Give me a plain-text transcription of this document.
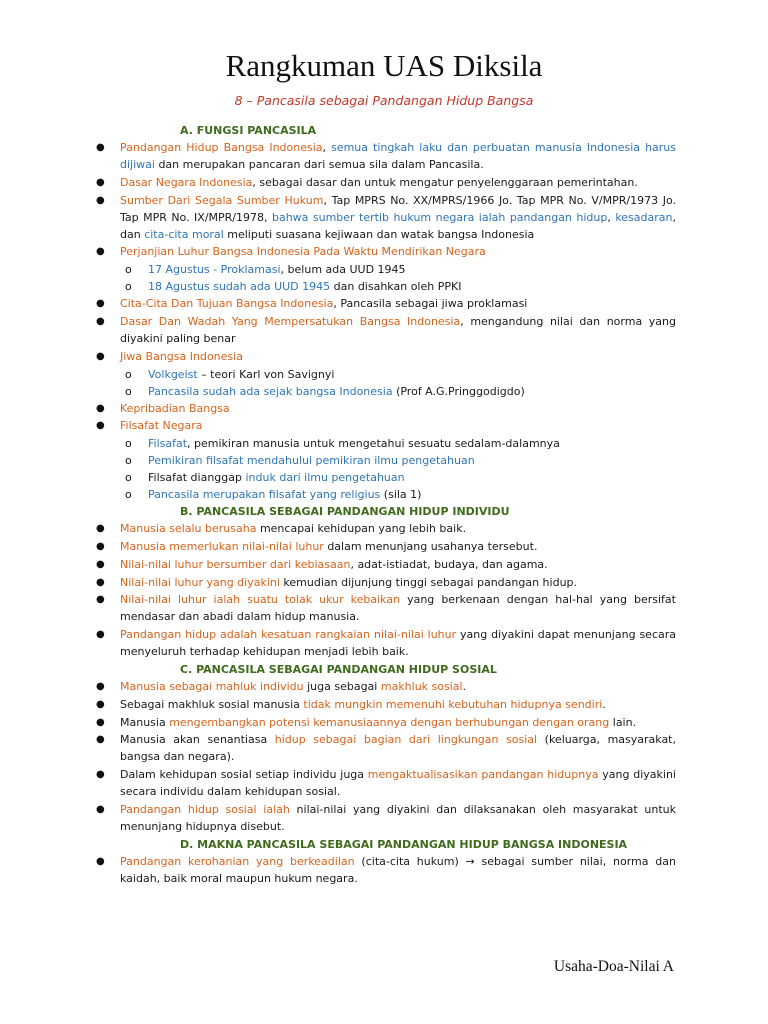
Rangkuman UAS Diksila
8 – Pancasila sebagai Pandangan Hidup Bangsa
A. FUNGSI PANCASILA
● Pandangan Hidup Bangsa Indonesia, semua tingkah laku dan perbuatan manusia Indonesia harus dijiwai dan merupakan pancaran dari semua sila dalam Pancasila.
● Dasar Negara Indonesia, sebagai dasar dan untuk mengatur penyelenggaraan pemerintahan.
● Sumber Dari Segala Sumber Hukum, Tap MPRS No. XX/MPRS/1966 Jo. Tap MPR No. V/MPR/1973 Jo. Tap MPR No. IX/MPR/1978, bahwa sumber tertib hukum negara ialah pandangan hidup, kesadaran, dan cita-cita moral meliputi suasana kejiwaan dan watak bangsa Indonesia
● Perjanjian Luhur Bangsa Indonesia Pada Waktu Mendirikan Negara
o 17 Agustus - Proklamasi, belum ada UUD 1945
o 18 Agustus sudah ada UUD 1945 dan disahkan oleh PPKI
● Cita-Cita Dan Tujuan Bangsa Indonesia, Pancasila sebagai jiwa proklamasi
● Dasar Dan Wadah Yang Mempersatukan Bangsa Indonesia, mengandung nilai dan norma yang diyakini paling benar
● Jiwa Bangsa Indonesia
o Volkgeist – teori Karl von Savignyi
o Pancasila sudah ada sejak bangsa Indonesia (Prof A.G.Pringgodigdo)
● Kepribadian Bangsa
● Filsafat Negara
o Filsafat, pemikiran manusia untuk mengetahui sesuatu sedalam-dalamnya
o Pemikiran filsafat mendahului pemikiran ilmu pengetahuan
o Filsafat dianggap induk dari ilmu pengetahuan
o Pancasila merupakan filsafat yang religius (sila 1)
B. PANCASILA SEBAGAI PANDANGAN HIDUP INDIVIDU
● Manusia selalu berusaha mencapai kehidupan yang lebih baik.
● Manusia memerlukan nilai-nilai luhur dalam menunjang usahanya tersebut.
● Nilai-nilai luhur bersumber dari kebiasaan, adat-istiadat, budaya, dan agama.
● Nilai-nilai luhur yang diyakini kemudian dijunjung tinggi sebagai pandangan hidup.
● Nilai-nilai luhur ialah suatu tolak ukur kebaikan yang berkenaan dengan hal-hal yang bersifat mendasar dan abadi dalam hidup manusia.
● Pandangan hidup adalah kesatuan rangkaian nilai-nilai luhur yang diyakini dapat menunjang secara menyeluruh terhadap kehidupan menjadi lebih baik.
C. PANCASILA SEBAGAI PANDANGAN HIDUP SOSIAL
● Manusia sebagai mahluk individu juga sebagai makhluk sosial.
● Sebagai makhluk sosial manusia tidak mungkin memenuhi kebutuhan hidupnya sendiri.
● Manusia mengembangkan potensi kemanusiaannya dengan berhubungan dengan orang lain.
● Manusia akan senantiasa hidup sebagai bagian dari lingkungan sosial (keluarga, masyarakat, bangsa dan negara).
● Dalam kehidupan sosial setiap individu juga mengaktualisasikan pandangan hidupnya yang diyakini secara individu dalam kehidupan sosial.
● Pandangan hidup sosial ialah nilai-nilai yang diyakini dan dilaksanakan oleh masyarakat untuk menunjang hidupnya disebut.
D. MAKNA PANCASILA SEBAGAI PANDANGAN HIDUP BANGSA INDONESIA
● Pandangan kerohanian yang berkeadilan (cita-cita hukum) → sebagai sumber nilai, norma dan kaidah, baik moral maupun hukum negara.
Usaha-Doa-Nilai A
